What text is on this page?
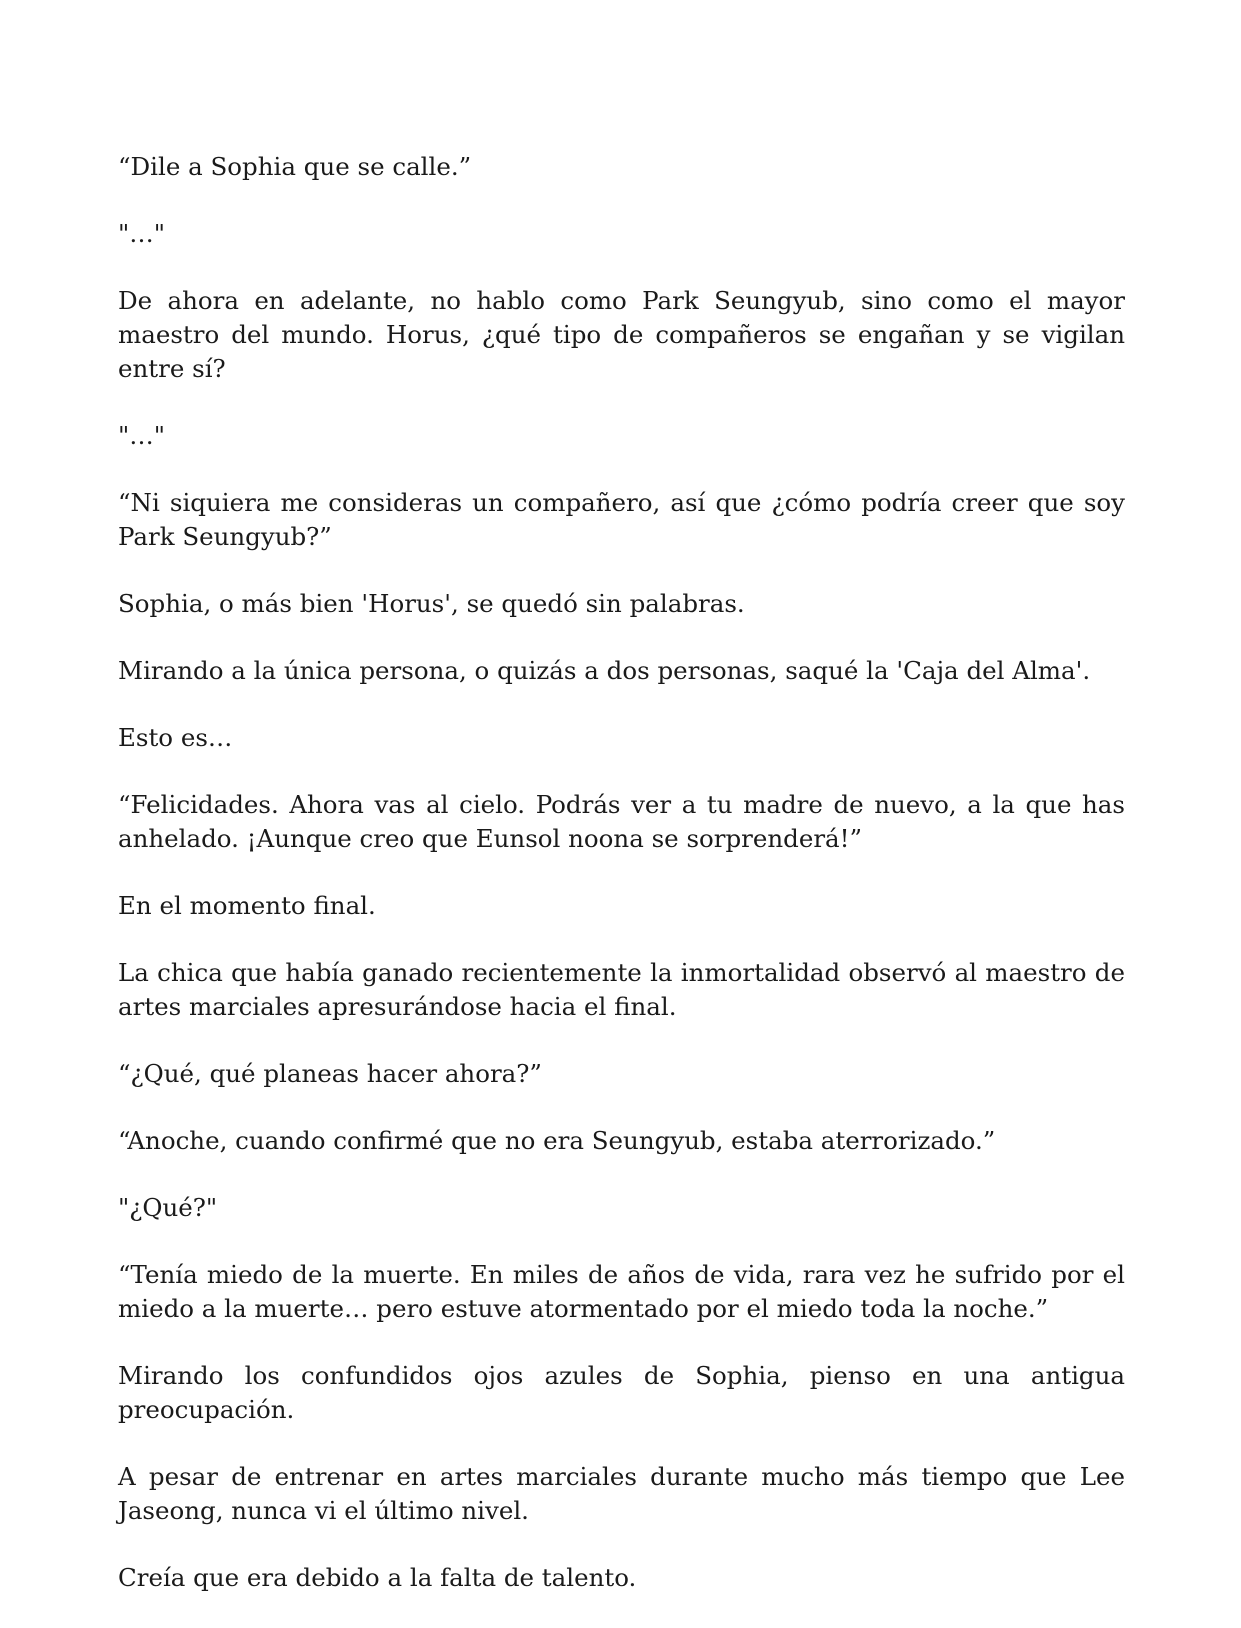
“Dile a Sophia que se calle.”

"…"

De ahora en adelante, no hablo como Park Seungyub, sino como el mayor maestro del mundo. Horus, ¿qué tipo de compañeros se engañan y se vigilan entre sí?

"…"

“Ni siquiera me consideras un compañero, así que ¿cómo podría creer que soy Park Seungyub?”

Sophia, o más bien 'Horus', se quedó sin palabras.

Mirando a la única persona, o quizás a dos personas, saqué la 'Caja del Alma'.

Esto es…

“Felicidades. Ahora vas al cielo. Podrás ver a tu madre de nuevo, a la que has anhelado. ¡Aunque creo que Eunsol noona se sorprenderá!”

En el momento final.

La chica que había ganado recientemente la inmortalidad observó al maestro de artes marciales apresurándose hacia el final.

“¿Qué, qué planeas hacer ahora?”

“Anoche, cuando confirmé que no era Seungyub, estaba aterrorizado.”

"¿Qué?"

“Tenía miedo de la muerte. En miles de años de vida, rara vez he sufrido por el miedo a la muerte… pero estuve atormentado por el miedo toda la noche.”

Mirando los confundidos ojos azules de Sophia, pienso en una antigua preocupación.

A pesar de entrenar en artes marciales durante mucho más tiempo que Lee Jaseong, nunca vi el último nivel.

Creía que era debido a la falta de talento.
